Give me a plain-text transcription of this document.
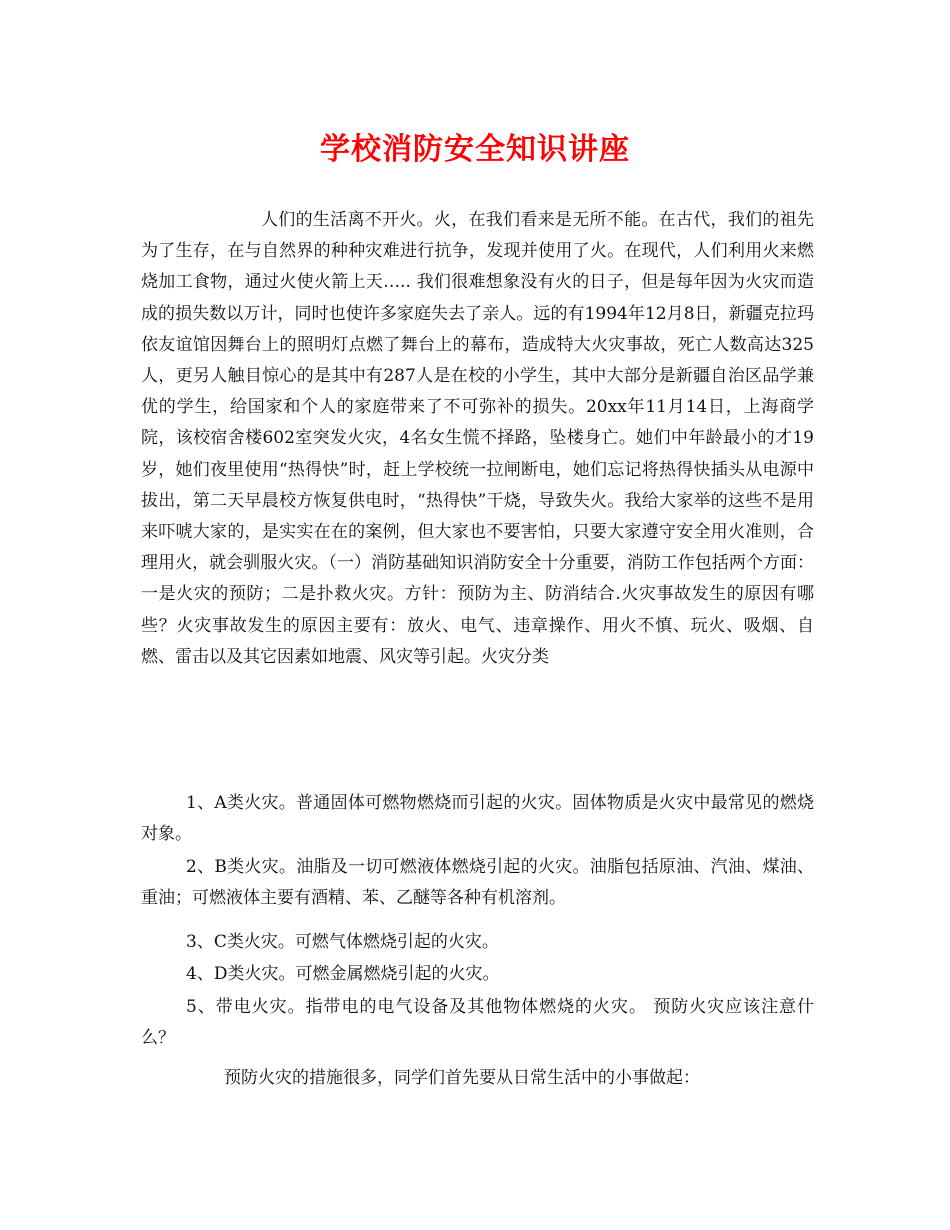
学校消防安全知识讲座
人们的生活离不开火。火，在我们看来是无所不能。在古代，我们的祖先为了生存，在与自然界的种种灾难进行抗争，发现并使用了火。在现代，人们利用火来燃烧加工食物，通过火使火箭上天….. 我们很难想象没有火的日子，但是每年因为火灾而造成的损失数以万计，同时也使许多家庭失去了亲人。远的有1994年12月8日，新疆克拉玛依友谊馆因舞台上的照明灯点燃了舞台上的幕布，造成特大火灾事故，死亡人数高达325人，更另人触目惊心的是其中有287人是在校的小学生，其中大部分是新疆自治区品学兼优的学生，给国家和个人的家庭带来了不可弥补的损失。20xx年11月14日，上海商学院，该校宿舍楼602室突发火灾，4名女生慌不择路，坠楼身亡。她们中年龄最小的才19岁，她们夜里使用“热得快”时，赶上学校统一拉闸断电，她们忘记将热得快插头从电源中拔出，第二天早晨校方恢复供电时，“热得快”干烧，导致失火。我给大家举的这些不是用来吓唬大家的，是实实在在的案例，但大家也不要害怕，只要大家遵守安全用火准则，合理用火，就会驯服火灾。（一）消防基础知识消防安全十分重要，消防工作包括两个方面：一是火灾的预防；二是扑救火灾。方针：预防为主、防消结合.火灾事故发生的原因有哪些？火灾事故发生的原因主要有：放火、电气、违章操作、用火不慎、玩火、吸烟、自燃、雷击以及其它因素如地震、风灾等引起。火灾分类
1、A类火灾。普通固体可燃物燃烧而引起的火灾。固体物质是火灾中最常见的燃烧对象。
2、B类火灾。油脂及一切可燃液体燃烧引起的火灾。油脂包括原油、汽油、煤油、重油；可燃液体主要有酒精、苯、乙醚等各种有机溶剂。
3、C类火灾。可燃气体燃烧引起的火灾。
4、D类火灾。可燃金属燃烧引起的火灾。
5、带电火灾。指带电的电气设备及其他物体燃烧的火灾。 预防火灾应该注意什么？
预防火灾的措施很多，同学们首先要从日常生活中的小事做起：
